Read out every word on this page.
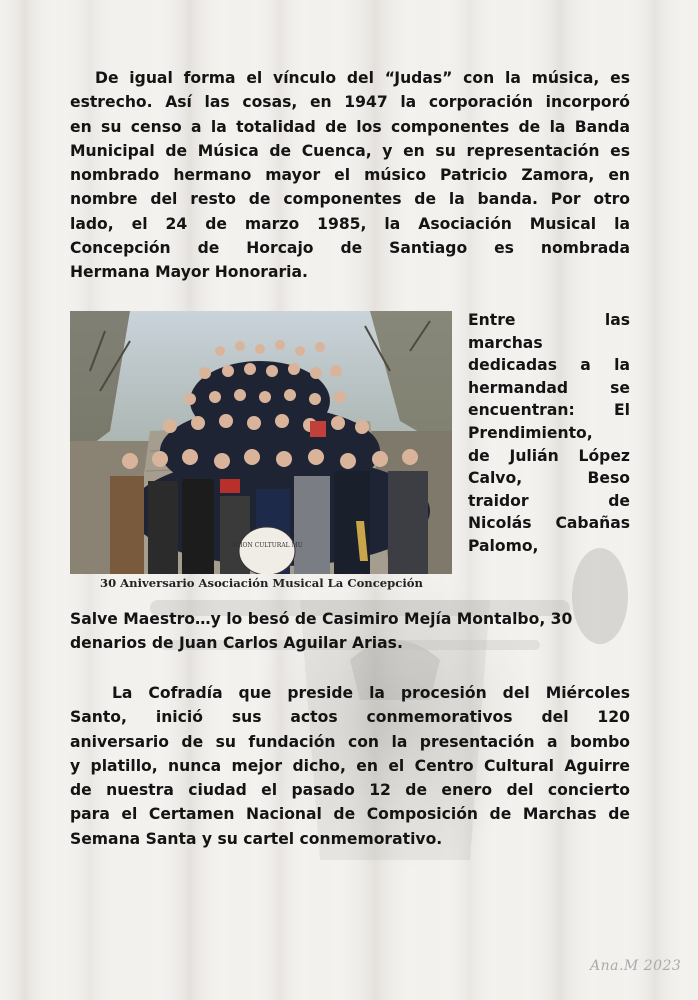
De igual forma el vínculo del “Judas” con la música, es
estrecho. Así las cosas, en 1947 la corporación incorporó
en su censo a la totalidad de los componentes de la Banda
Municipal de Música de Cuenca, y en su representación es
nombrado hermano mayor el músico Patricio Zamora, en
nombre del resto de componentes de la banda. Por otro
lado, el 24 de marzo 1985, la Asociación Musical la
Concepción de Horcajo de Santiago es nombrada
Hermana Mayor Honoraria.
ACION CULTURAL MU
30 Aniversario Asociación Musical La Concepción
Entre	las
marchas
dedicadas a la
hermandad	se
encuentran:	El
Prendimiento,
de Julián López
Calvo,	Beso
traidor	de
Nicolás Cabañas
Palomo,
Salve Maestro…y lo besó de Casimiro Mejía Montalbo, 30
denarios de Juan Carlos Aguilar Arias.
La Cofradía que preside la procesión del Miércoles
Santo, inició sus actos conmemorativos del 120
aniversario de su fundación con la presentación a bombo
y platillo, nunca mejor dicho, en el Centro Cultural Aguirre
de nuestra ciudad el pasado 12 de enero del concierto
para el Certamen Nacional de Composición de Marchas de
Semana Santa y su cartel conmemorativo.
Ana.M 2023
